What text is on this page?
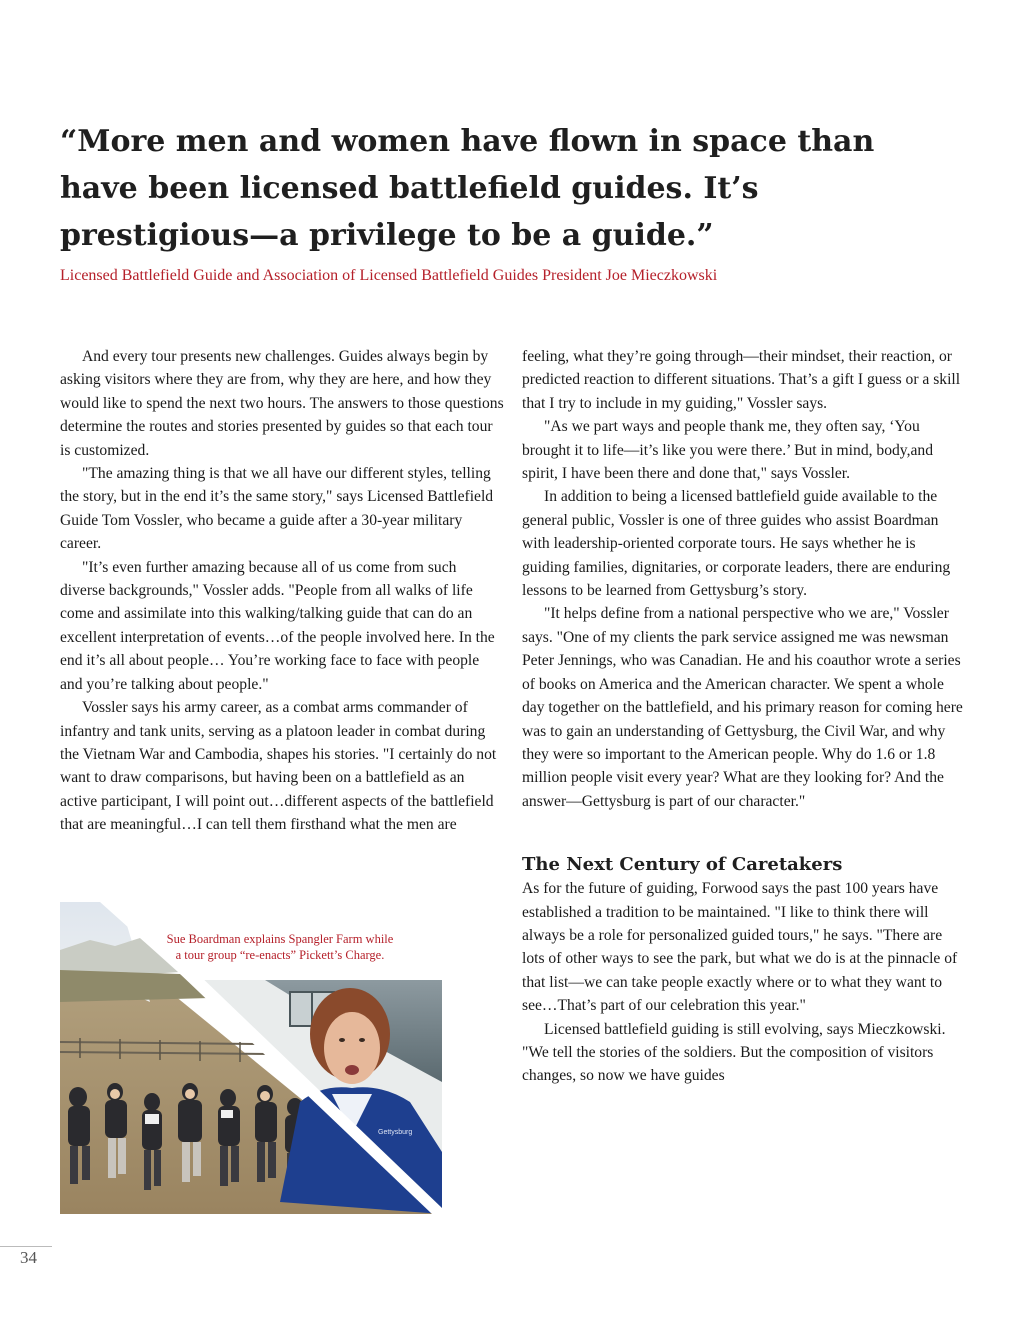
“More men and women have flown in space than have been licensed battlefield guides. It’s prestigious—a privilege to be a guide.”

Licensed Battlefield Guide and Association of Licensed Battlefield Guides President Joe Mieczkowski

And every tour presents new challenges. Guides always begin by asking visitors where they are from, why they are here, and how they would like to spend the next two hours. The answers to those questions determine the routes and stories presented by guides so that each tour is customized.

"The amazing thing is that we all have our different styles, telling the story, but in the end it’s the same story," says Licensed Battlefield Guide Tom Vossler, who became a guide after a 30-year military career.

"It’s even further amazing because all of us come from such diverse backgrounds," Vossler adds. "People from all walks of life come and assimilate into this walking/talking guide that can do an excellent interpretation of events…of the people involved here. In the end it’s all about people… You’re working face to face with people and you’re talking about people."

Vossler says his army career, as a combat arms commander of infantry and tank units, serving as a platoon leader in combat during the Vietnam War and Cambodia, shapes his stories. "I certainly do not want to draw comparisons, but having been on a battlefield as an active participant, I will point out…different aspects of the battlefield that are meaningful…I can tell them firsthand what the men are

feeling, what they’re going through—their mindset, their reaction, or predicted reaction to different situations. That’s a gift I guess or a skill that I try to include in my guiding," Vossler says.

"As we part ways and people thank me, they often say, ‘You brought it to life—it’s like you were there.’ But in mind, body,and spirit, I have been there and done that," says Vossler.

In addition to being a licensed battlefield guide available to the general public, Vossler is one of three guides who assist Boardman with leadership-oriented corporate tours. He says whether he is guiding families, dignitaries, or corporate leaders, there are enduring lessons to be learned from Gettysburg’s story.

"It helps define from a national perspective who we are," Vossler says. "One of my clients the park service assigned me was newsman Peter Jennings, who was Canadian. He and his coauthor wrote a series of books on America and the American character. We spent a whole day together on the battlefield, and his primary reason for coming here was to gain an understanding of Gettysburg, the Civil War, and why they were so important to the American people. Why do 1.6 or 1.8 million people visit every year? What are they looking for? And the answer—Gettysburg is part of our character."

The Next Century of Caretakers

As for the future of guiding, Forwood says the past 100 years have established a tradition to be maintained. "I like to think there will always be a role for personalized guided tours," he says. "There are lots of other ways to see the park, but what we do is at the pinnacle of that list—we can take people exactly where or to what they want to see…That’s part of our celebration this year."

Licensed battlefield guiding is still evolving, says Mieczkowski. "We tell the stories of the soldiers. But the composition of visitors changes, so now we have guides

Gettysburg

Sue Boardman explains Spangler Farm while
a tour group “re-enacts” Pickett’s Charge.

34
